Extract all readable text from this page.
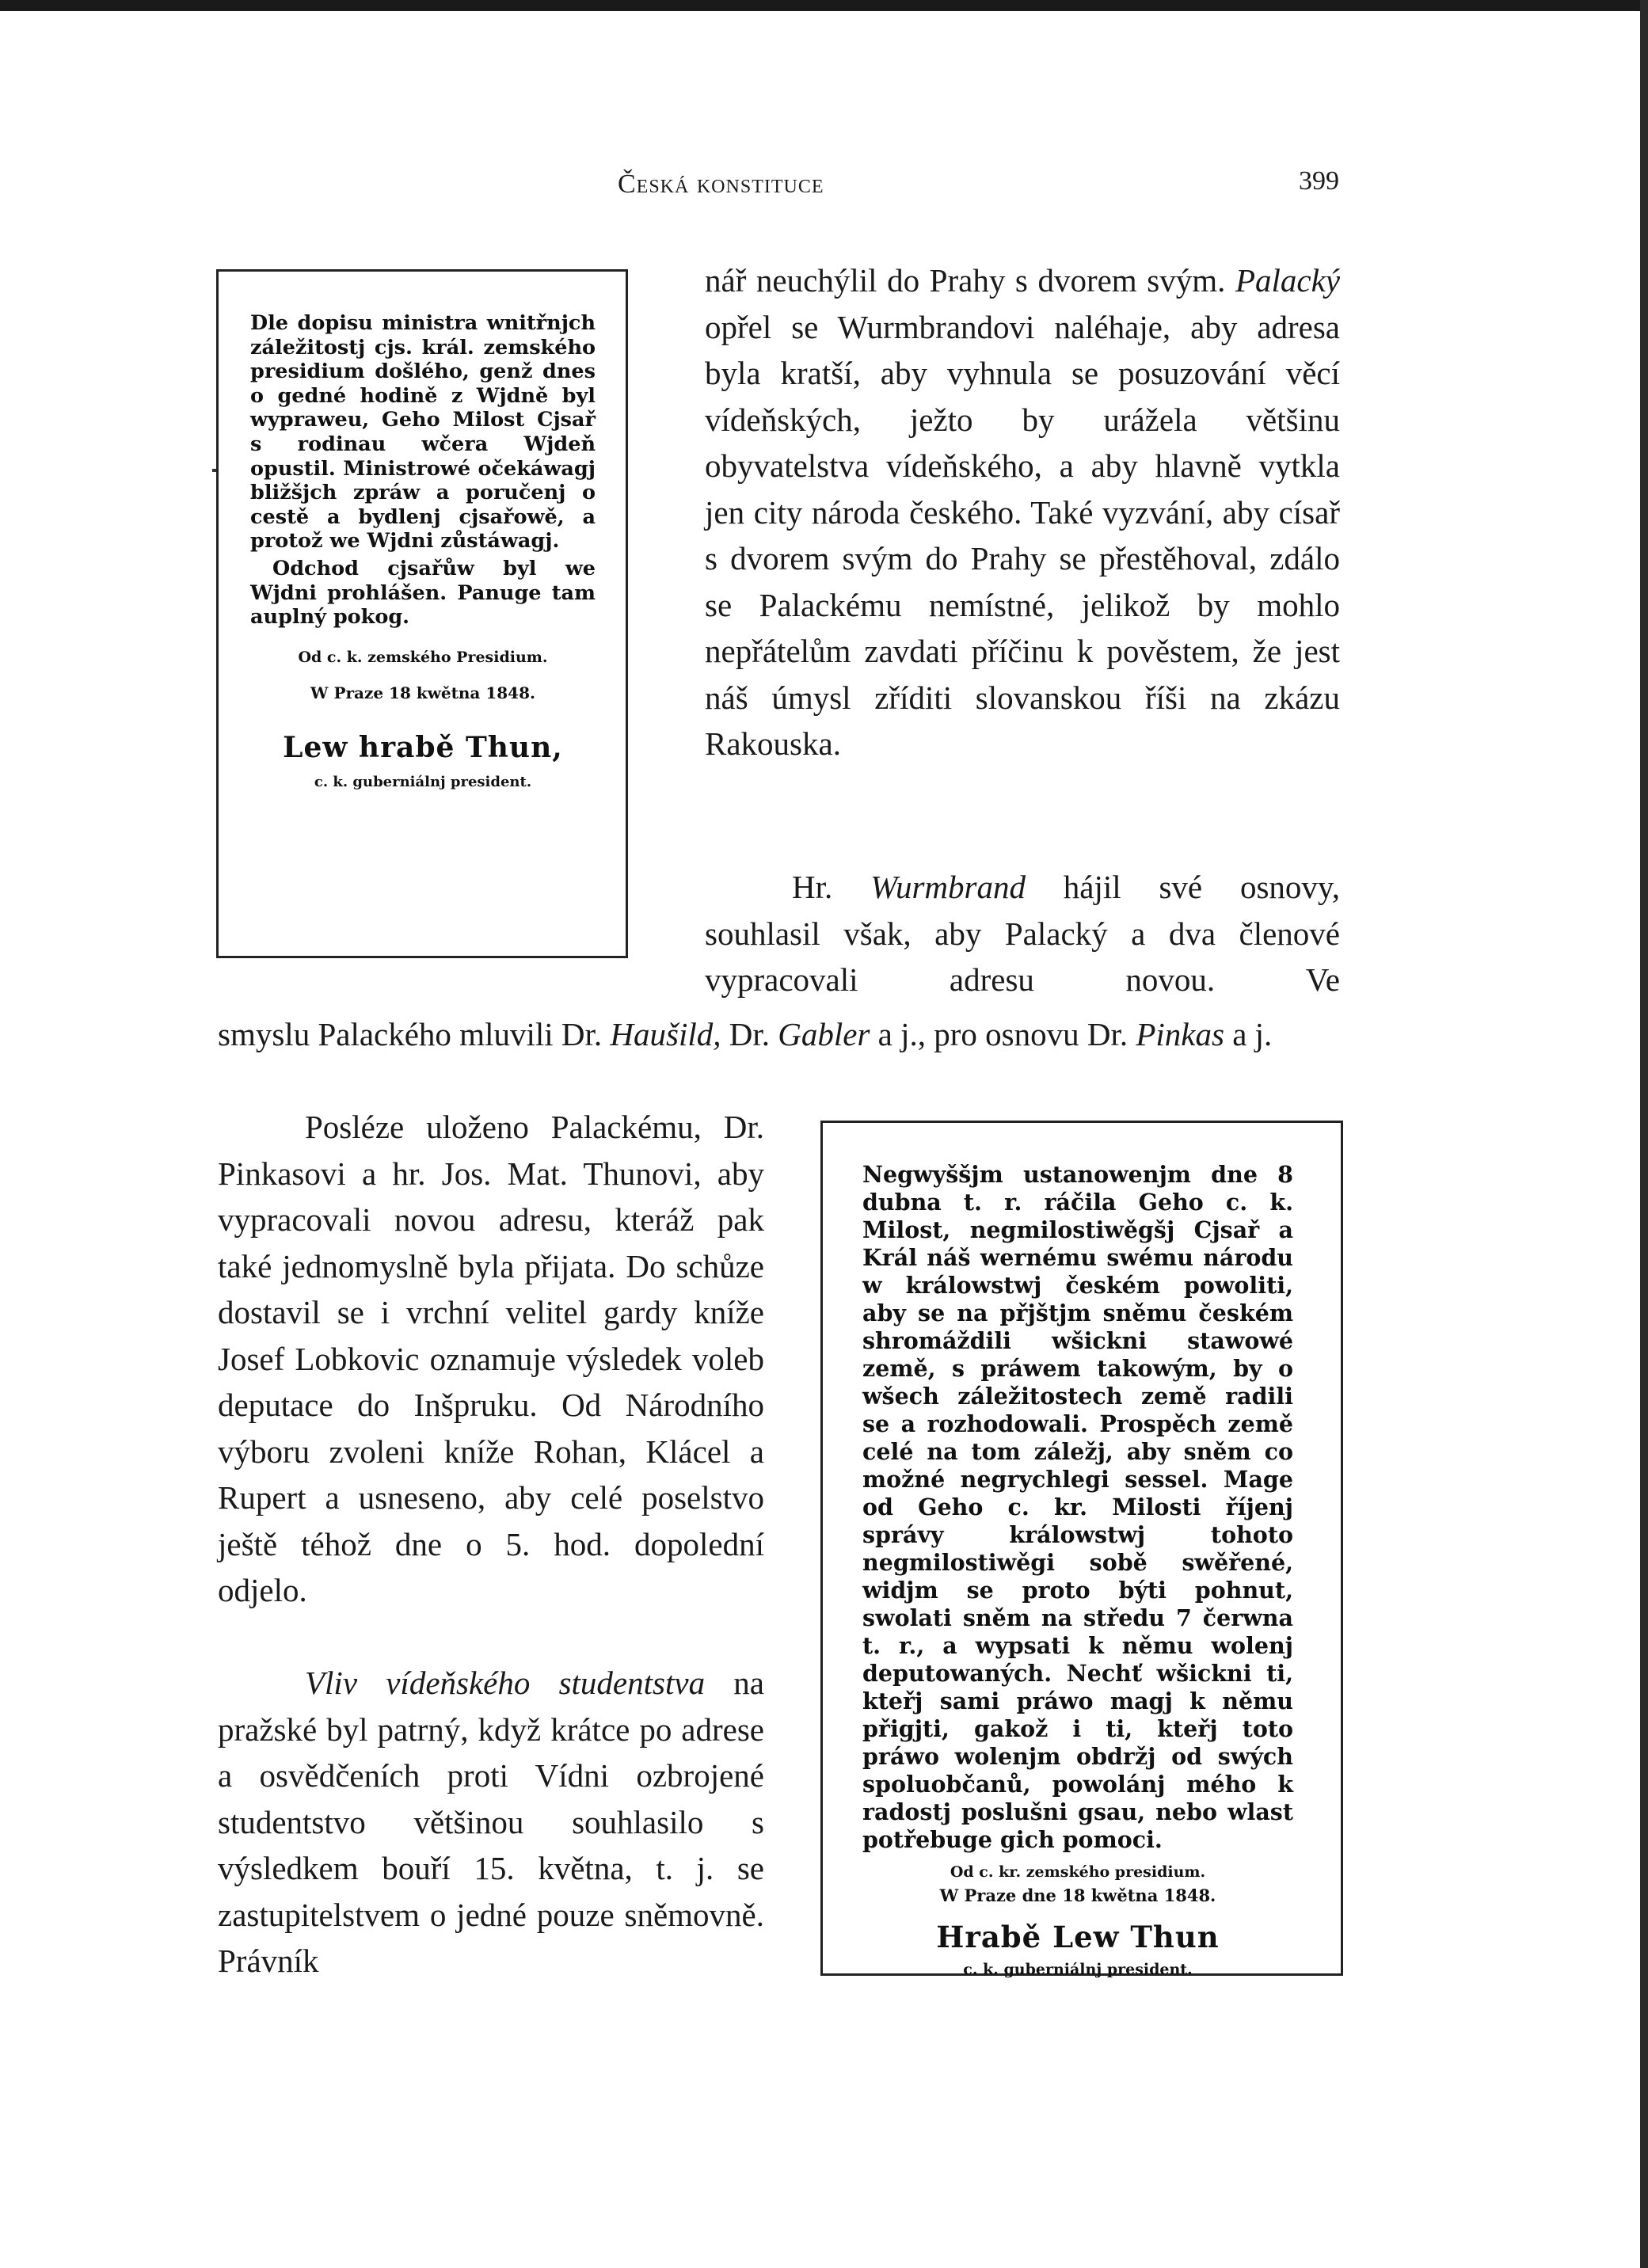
Česká konstituce	399

Dle dopisu ministra wnitřnjch záležitostj cjs. král. zemského presidium došlého, genž dnes o gedné hodině z Wjdně byl wypraweu, Geho Milost Cjsař s rodinau wčera Wjdeň opustil. Ministrowé očekáwagj bližšjch zpráw a poručenj o cestě a bydlenj cjsařowě, a protož we Wjdni zůstáwagj.

Odchod cjsařůw byl we Wjdni prohlášen. Panuge tam auplný pokog.

Od c. k. zemského Presidium.

W Praze 18 kwětna 1848.

Lew hrabě Thun,

c. k. guberniálnj president.

nář neuchýlil do Prahy s dvorem svým. Palacký opřel se Wurmbrandovi naléhaje, aby adresa byla kratší, aby vyhnula se posuzování věcí vídeňských, ježto by urážela většinu obyvatelstva vídeňského, a aby hlavně vytkla jen city národa českého. Také vyzvání, aby císař s dvorem svým do Prahy se přestěhoval, zdálo se Palackému nemístné, jelikož by mohlo nepřátelům zavdati příčinu k pověstem, že jest náš úmysl zříditi slovanskou říši na zkázu Rakouska.

Hr. Wurmbrand hájil své osnovy, souhlasil však, aby Palacký a dva členové vypracovali adresu novou. Ve

smyslu Palackého mluvili Dr. Haušild, Dr. Gabler a j., pro osnovu Dr. Pinkas a j.

Posléze uloženo Palackému, Dr. Pinkasovi a hr. Jos. Mat. Thunovi, aby vypracovali novou adresu, kteráž pak také jednomyslně byla přijata. Do schůze dostavil se i vrchní velitel gardy kníže Josef Lobkovic oznamuje výsledek voleb deputace do Inšpruku. Od Národního výboru zvoleni kníže Rohan, Klácel a Rupert a usneseno, aby celé poselstvo ještě téhož dne o 5. hod. dopolední odjelo.

Vliv vídeňského studentstva na pražské byl patrný, když krátce po adrese a osvědčeních proti Vídni ozbrojené studentstvo většinou souhlasilo s výsledkem bouří 15. května, t. j. se zastupitelstvem o jedné pouze sněmovně. Právník

Negwyššjm ustanowenjm dne 8 dubna t. r. ráčila Geho c. k. Milost, negmilostiwěgšj Cjsař a Král náš wernému swému národu w králowstwj českém powoliti, aby se na přjštjm sněmu českém shromáždili wšickni stawowé země, s práwem takowým, by o wšech záležitostech země radili se a rozhodowali. Prospěch země celé na tom záležj, aby sněm co možné negrychlegi sessel. Mage od Geho c. kr. Milosti říjenj správy králowstwj tohoto negmilostiwěgi sobě swěřené, widjm se proto býti pohnut, swolati sněm na středu 7 čerwna t. r., a wypsati k němu wolenj deputowaných. Nechť wšickni ti, kteřj sami práwo magj k němu přigjti, gakož i ti, kteřj toto práwo wolenjm obdržj od swých spoluobčanů, powolánj mého k radostj poslušni gsau, nebo wlast potřebuge gich pomoci.

Od c. kr. zemského presidium.

W Praze dne 18 kwětna 1848.

Hrabě Lew Thun

c. k. guberniálnj president.
